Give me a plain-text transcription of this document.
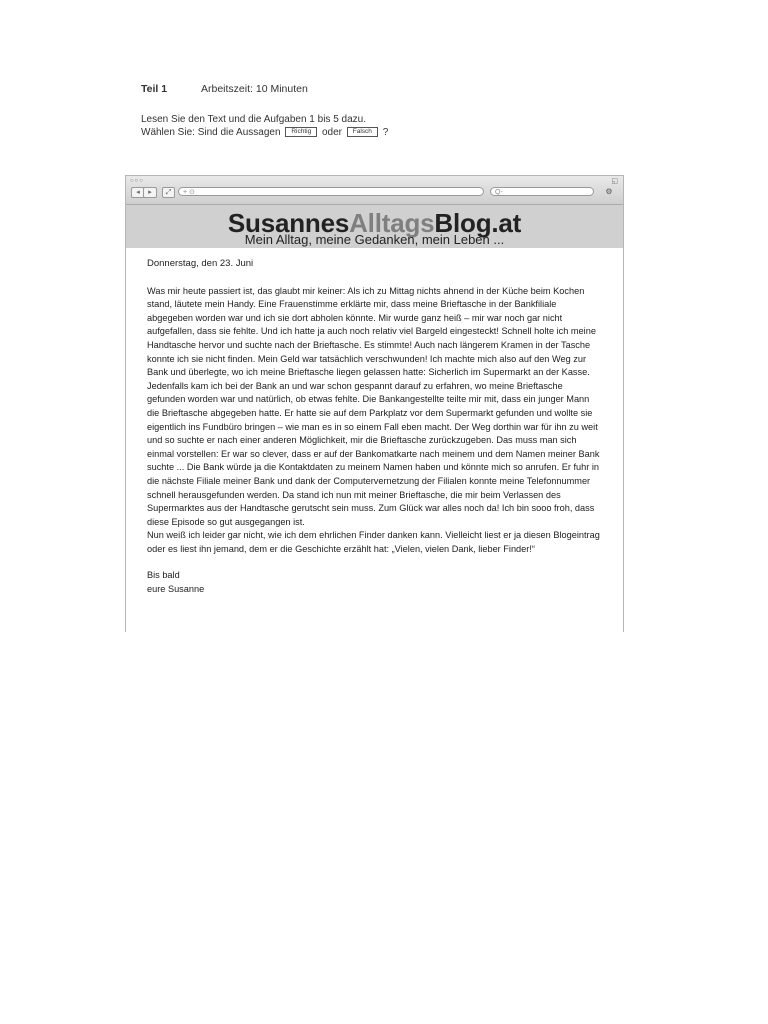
Teil 1	Arbeitszeit: 10 Minuten
Lesen Sie den Text und die Aufgaben 1 bis 5 dazu.
Wählen Sie: Sind die Aussagen Richtig oder Falsch ?
○○○
◂	▸	⤢	+ ⊙	Q-	⚙
◱
SusannesAlltagsBlog.at
Mein Alltag, meine Gedanken, mein Leben ...
Donnerstag, den 23. Juni

Was mir heute passiert ist, das glaubt mir keiner: Als ich zu Mittag nichts ahnend in der Küche beim Kochen stand, läutete mein Handy. Eine Frauenstimme erklärte mir, dass meine Brieftasche in der Bankfiliale abgegeben worden war und ich sie dort abholen könnte. Mir wurde ganz heiß – mir war noch gar nicht aufgefallen, dass sie fehlte. Und ich hatte ja auch noch relativ viel Bargeld eingesteckt! Schnell holte ich meine Handtasche hervor und suchte nach der Brieftasche. Es stimmte! Auch nach längerem Kramen in der Tasche konnte ich sie nicht finden. Mein Geld war tatsächlich verschwunden! Ich machte mich also auf den Weg zur Bank und überlegte, wo ich meine Brieftasche liegen gelassen hatte: Sicherlich im Supermarkt an der Kasse. Jedenfalls kam ich bei der Bank an und war schon gespannt darauf zu erfahren, wo meine Brieftasche gefunden worden war und natürlich, ob etwas fehlte. Die Bankangestellte teilte mir mit, dass ein junger Mann die Brieftasche abgegeben hatte. Er hatte sie auf dem Parkplatz vor dem Supermarkt gefunden und wollte sie eigentlich ins Fundbüro bringen – wie man es in so einem Fall eben macht. Der Weg dorthin war für ihn zu weit und so suchte er nach einer anderen Möglichkeit, mir die Brieftasche zurückzugeben. Das muss man sich einmal vorstellen: Er war so clever, dass er auf der Bankomatkarte nach meinem und dem Namen meiner Bank suchte ... Die Bank würde ja die Kontaktdaten zu meinem Namen haben und könnte mich so anrufen. Er fuhr in die nächste Filiale meiner Bank und dank der Computervernetzung der Filialen konnte meine Telefonnummer schnell herausgefunden werden. Da stand ich nun mit meiner Brieftasche, die mir beim Verlassen des Supermarktes aus der Handtasche gerutscht sein muss. Zum Glück war alles noch da! Ich bin sooo froh, dass diese Episode so gut ausgegangen ist.

Nun weiß ich leider gar nicht, wie ich dem ehrlichen Finder danken kann. Vielleicht liest er ja diesen Blogeintrag oder es liest ihn jemand, dem er die Geschichte erzählt hat: „Vielen, vielen Dank, lieber Finder!“

Bis bald
eure Susanne
